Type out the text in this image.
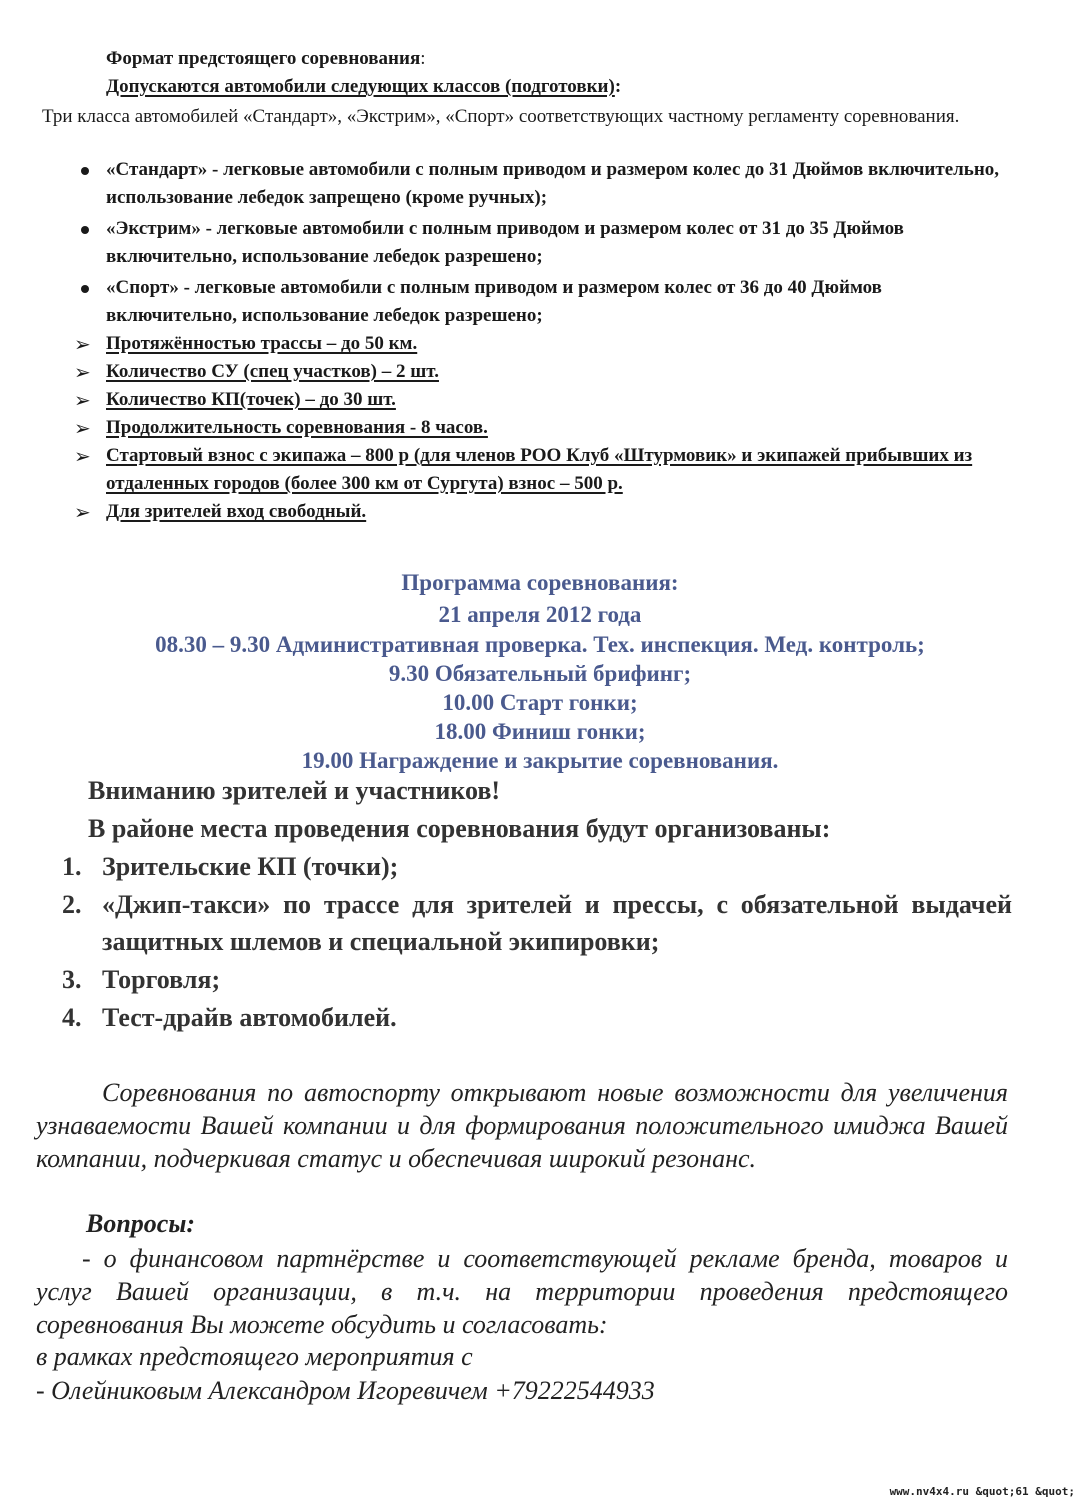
Формат предстоящего соревнования:
Допускаются автомобили следующих классов (подготовки):
Три класса автомобилей «Стандарт», «Экстрим», «Спорт» соответствующих частному регламенту соревнования.
«Стандарт» - легковые автомобили с полным приводом и размером колес до 31 Дюймов включительно, использование лебедок запрещено (кроме ручных);
«Экстрим» - легковые автомобили с полным приводом и размером колес от 31 до 35 Дюймов включительно, использование лебедок разрешено;
«Спорт» - легковые автомобили с полным приводом и размером колес от 36 до 40 Дюймов включительно, использование лебедок разрешено;
➢ Протяжённостью трассы – до 50 км.
➢ Количество СУ (спец участков) – 2 шт.
➢ Количество КП(точек) – до 30 шт.
➢ Продолжительность соревнования - 8 часов.
➢ Стартовый взнос с экипажа – 800 р (для членов РОО Клуб «Штурмовик» и экипажей прибывших из отдаленных городов (более 300 км от Сургута) взнос – 500 р.
➢ Для зрителей вход свободный.
Программа соревнования:
21 апреля 2012 года
08.30 – 9.30 Административная проверка. Тех. инспекция. Мед. контроль;
9.30 Обязательный брифинг;
10.00 Старт гонки;
18.00 Финиш гонки;
19.00 Награждение и закрытие соревнования.
Вниманию зрителей и участников!
В районе места проведения соревнования будут организованы:
1. Зрительские КП (точки);
2. «Джип-такси» по трассе для зрителей и прессы, с обязательной выдачей защитных шлемов и специальной экипировки;
3. Торговля;
4. Тест-драйв автомобилей.
Соревнования по автоспорту открывают новые возможности для увеличения узнаваемости Вашей компании и для формирования положительного имиджа Вашей компании, подчеркивая статус и обеспечивая широкий резонанс.
Вопросы:
- о финансовом партнёрстве и соответствующей рекламе бренда, товаров и услуг Вашей организации, в т.ч. на территории проведения предстоящего соревнования Вы можете обсудить и согласовать:
в рамках предстоящего мероприятия с
- Олейниковым Александром Игоревичем +79222544933
www.nv4x4.ru &quot;61 &quot;
